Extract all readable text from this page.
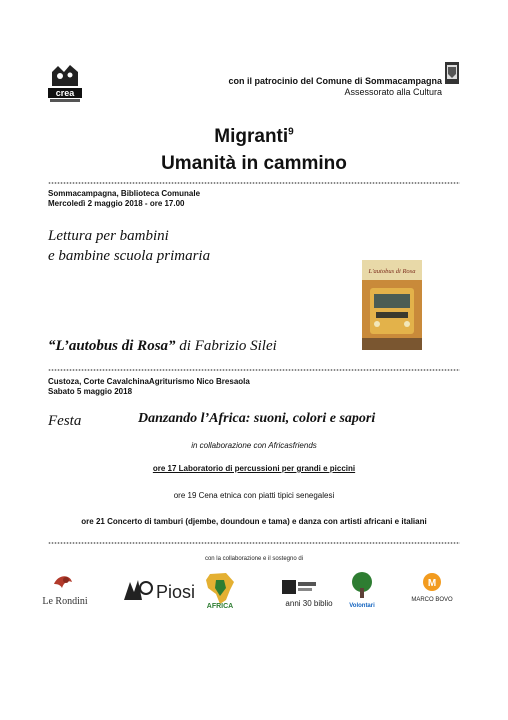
crea
con il patrocinio del Comune di Sommacampagna
Assessorato alla Cultura
Migranti$^9$
Umanità in cammino
Sommacampagna, Biblioteca Comunale
Mercoledì 2 maggio 2018 - ore 17.00
Lettura per bambini
e bambine scuola primaria
L'autobus di Rosa
“L’autobus di Rosa” di Fabrizio Silei
Custoza, Corte CavalchinaAgriturismo Nico Bresaola
Sabato 5 maggio 2018
Festa	Danzando l’Africa: suoni, colori e sapori
in collaborazione con Africasfriends
ore 17 Laboratorio di percussioni per grandi e piccini
ore 19 Cena etnica con piatti tipici senegalesi
ore 21 Concerto di tamburi (djembe, doundoun e tama) e danza con artisti africani e italiani
con la collaborazione e il sostegno di
Le Rondini	Piosi
AFRICA	anni 30 biblio	Volontari
M
MARCO BOVO
